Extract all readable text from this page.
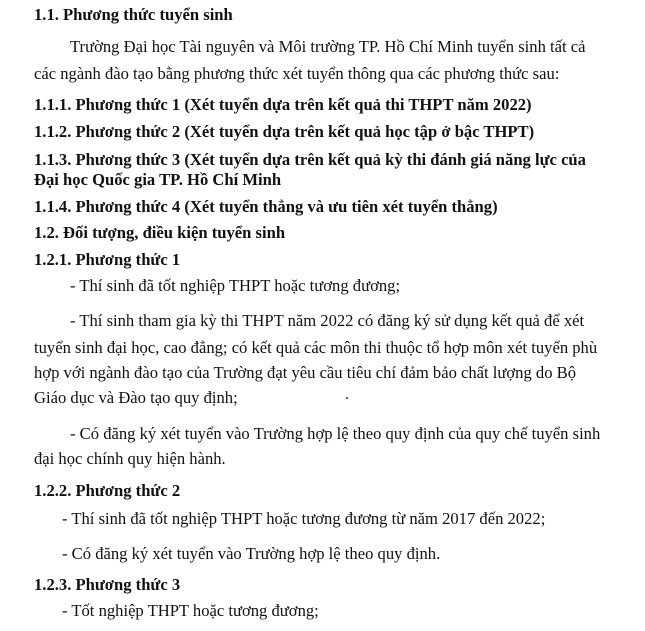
1.1. Phương thức tuyển sinh
Trường Đại học Tài nguyên và Môi trường TP. Hồ Chí Minh tuyển sinh tất cả
các ngành đào tạo bằng phương thức xét tuyển thông qua các phương thức sau:
1.1.1. Phương thức 1 (Xét tuyển dựa trên kết quả thi THPT năm 2022)
1.1.2. Phương thức 2 (Xét tuyển dựa trên kết quả học tập ở bậc THPT)
1.1.3. Phương thức 3 (Xét tuyển dựa trên kết quả kỳ thi đánh giá năng lực của
Đại học Quốc gia TP. Hồ Chí Minh
1.1.4. Phương thức 4 (Xét tuyển thẳng và ưu tiên xét tuyển thẳng)
1.2. Đối tượng, điều kiện tuyển sinh
1.2.1. Phương thức 1
- Thí sinh đã tốt nghiệp THPT hoặc tương đương;
- Thí sinh tham gia kỳ thi THPT năm 2022 có đăng ký sử dụng kết quả để xét
tuyển sinh đại học, cao đẳng; có kết quả các môn thi thuộc tổ hợp môn xét tuyển phù
hợp với ngành đào tạo của Trường đạt yêu cầu tiêu chí đảm bảo chất lượng do Bộ
Giáo dục và Đào tạo quy định;
- Có đăng ký xét tuyển vào Trường hợp lệ theo quy định của quy chế tuyển sinh
đại học chính quy hiện hành.
1.2.2. Phương thức 2
- Thí sinh đã tốt nghiệp THPT hoặc tương đương từ năm 2017 đến 2022;
- Có đăng ký xét tuyển vào Trường hợp lệ theo quy định.
1.2.3. Phương thức 3
- Tốt nghiệp THPT hoặc tương đương;
